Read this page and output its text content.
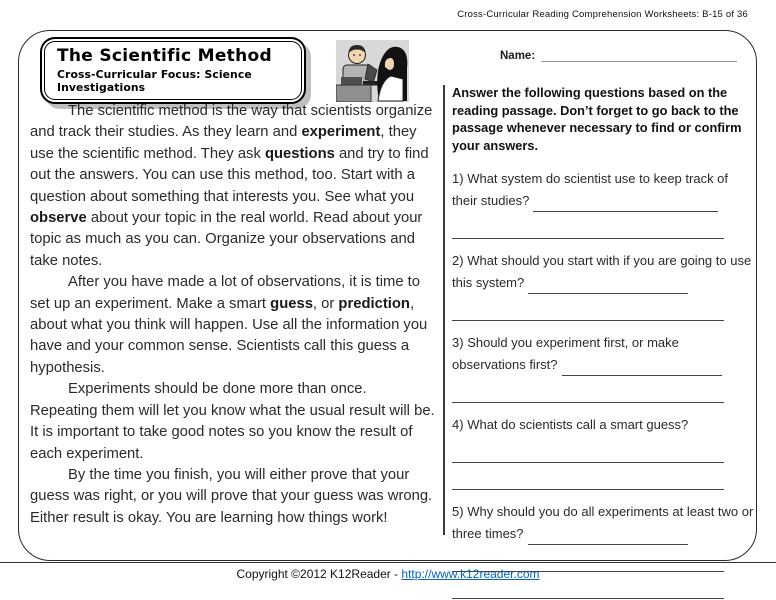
Cross-Curricular Reading Comprehension Worksheets: B-15 of 36
The Scientific Method
Cross-Curricular Focus: Science Investigations
Name:

The scientific method is the way that scientists organize and track their studies. As they learn and experiment, they use the scientific method. They ask questions and try to find out the answers. You can use this method, too. Start with a question about something that interests you. See what you observe about your topic in the real world. Read about your topic as much as you can. Organize your observations and take notes.

After you have made a lot of observations, it is time to set up an experiment. Make a smart guess, or prediction, about what you think will happen. Use all the information you have and your common sense. Scientists call this guess a hypothesis.

Experiments should be done more than once. Repeating them will let you know what the usual result will be. It is important to take good notes so you know the result of each experiment.

By the time you finish, you will either prove that your guess was right, or you will prove that your guess was wrong. Either result is okay. You are learning how things work!

Answer the following questions based on the reading passage. Don’t forget to go back to the passage whenever necessary to find or confirm your answers.
1) What system do scientist use to keep track of their studies?
2) What should you start with if you are going to use this system?
3) Should you experiment first, or make observations first?
4) What do scientists call a smart guess?
5) Why should you do all experiments at least two or three times?
Copyright ©2012 K12Reader - http://www.k12reader.com
